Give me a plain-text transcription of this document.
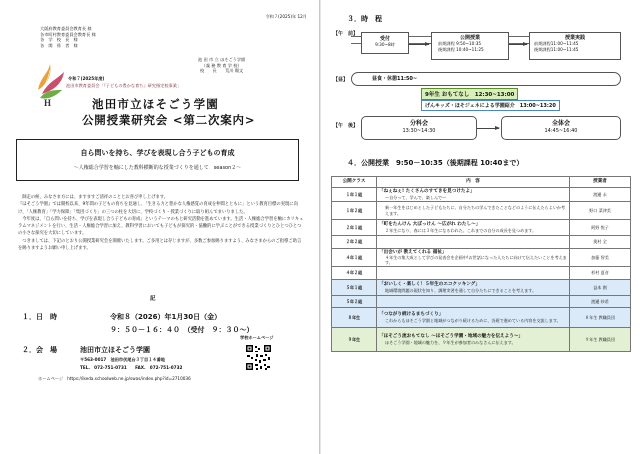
令和７(2025)年 12月
大阪府教育委員会教育長 様
各市町村教育委員会教育長 様
各　学　校　長　様
各　関　係　者　様
池 田 市 立 ほそごう学園
（義 務 教 育 学 校）
校　　長　　荒川 陽文
H
令和７(2025年度)
池田市教育委員会「『子どもの豊かな育ち』研究指定校事業」
池田市立ほそごう学園
公開授業研究会 <第二次案内>
自ら問いを持ち、学びを表現し合う子どもの育成
～人権総合学習を軸にした教科横断的な授業づくりを通して　season２～

　師走の候、みなさま方には、ますますご清祥のこととお喜び申し上げます。

『ほそごう学園』では開校以来、9年間の子どもの育ちを見通し、「生きる力と豊かな人権感覚の育成を仲間とともに」という教育目標の実現に向け、「人権教育」「学力保障」「集団づくり」の三つの柱を大切に、学校づくり・授業づくりに取り組んでまいりました。

　今年度は、「自ら問いを持ち、学びを表現し合う子どもの育成」というテーマのもと研究活動を進めています。生活・人権総合学習を軸にカリキュラムマネジメントを行い、生活・人権総合学習に加え、教科学習においても子どもが探究的・協働的に学ぶことができる授業づくりとひとつひとつの小さな探究を大切にしています。

　つきましては、下記のとおり公開授業研究会を開催いたします。ご多用とは存じますが、多数ご参加賜りますよう、みなさまからのご指導ご助言を賜りますようお願い申し上げます。

記
１．日　時	令和８（2026）年1月30日（金）
９：５０－１６：４０　（受付　９：３０～）
２．会　場	池田市立ほそごう学園
〒563-0017　池田市伏尾台３丁目１４番地
TEL.　072-751-0731　　FAX.　072-751-0732
ホームページ　https://ikeda.schoolweb.ne.jp/swas/index.php?id=2710036
学校ホームページ
３．時　程
【午　前】
受付
9:30~8時
公開授業
前期課程 9:50~10:35
後期課程 10:40~11:25
授業実践
前期課程11:00~11:45
後期課程11:00~11:45
【昼】	昼食・休憩11:50~
9年生 おもてなし　12:30~13:00
げんキッズ・ほそジェネによる学園紹介　13:00~13:20
【午　後】	分科会
13:30~14:30
全体会
14:45~16:40
４．公開授業　9:50－10:35（後期課程 10:40まで）
公開クラス	内　容	授業者
１年１組	「ねぇねぇ! たくさんのすてきを見つけたよ」
～自分って、学んで、楽しんで～	渡邊 永
１年２組	新一年生をはじめとした子どもたちに、自分たちの学んできたことなどのように伝えたらよいか考えます。	野口 菜津美
２年１組	「町をたんけん 大ぼっけん ～広がれ わたし～」
２年生になり、春には３年生になるわれた。これまでの自分の成長を見つめます。	阿野 悦子
２年２組		奥村 全
４年１組	「出会いが 教えてくれる 福祉」
４年生の集大成として学びの発表会を企画中!お世話になった人たちに向けて伝えたいことを考えます。	加藤 智美
４年２組		杉村 夏音
５年１組	「おいしく・楽しく！５年生のエコクッキング」
地域環境問題の現状を知り、調理実習を通して自分たちにできることを考えます。	益本 創
５年２組		渡邊 紗希
８年生	「つながり続けるまちづくり」
これからもほそごう学園と地域がつながり続けるために、各班で進めている内容を交流します。	８年生 教職員団
９年生	「ほそごう流おもてなし ～ほそごう学園・地域の魅力を伝えよう～」
ほそごう学園・地域の魅力を、９年生が参加者のみなさんに伝えます。	９年生 教職員団
